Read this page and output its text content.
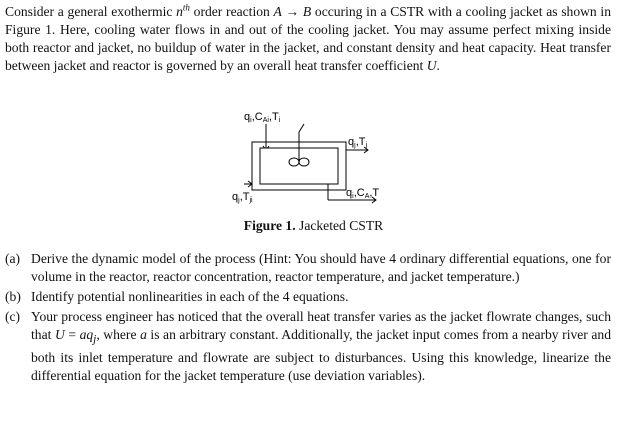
Consider a general exothermic $n^{th}$ order reaction A → B occuring in a CSTR with a cooling jacket as shown in Figure 1. Here, cooling water flows in and out of the cooling jacket. You may assume perfect mixing inside both reactor and jacket, no buildup of water in the jacket, and constant density and heat capacity. Heat transfer between jacket and reactor is governed by an overall heat transfer coefficient U.
qi,CAi,Ti
qj,Tj
qj,Tji
qi,CA,T
Figure 1. Jacketed CSTR
(a) Derive the dynamic model of the process (Hint: You should have 4 ordinary differential equations, one for volume in the reactor, reactor concentration, reactor temperature, and jacket temperature.)
(b) Identify potential nonlinearities in each of the 4 equations.
(c) Your process engineer has noticed that the overall heat transfer varies as the jacket flowrate changes, such that $U = aq_j$, where a is an arbitrary constant. Additionally, the jacket input comes from a nearby river and both its inlet temperature and flowrate are subject to disturbances. Using this knowledge, linearize the differential equation for the jacket temperature (use deviation variables).
